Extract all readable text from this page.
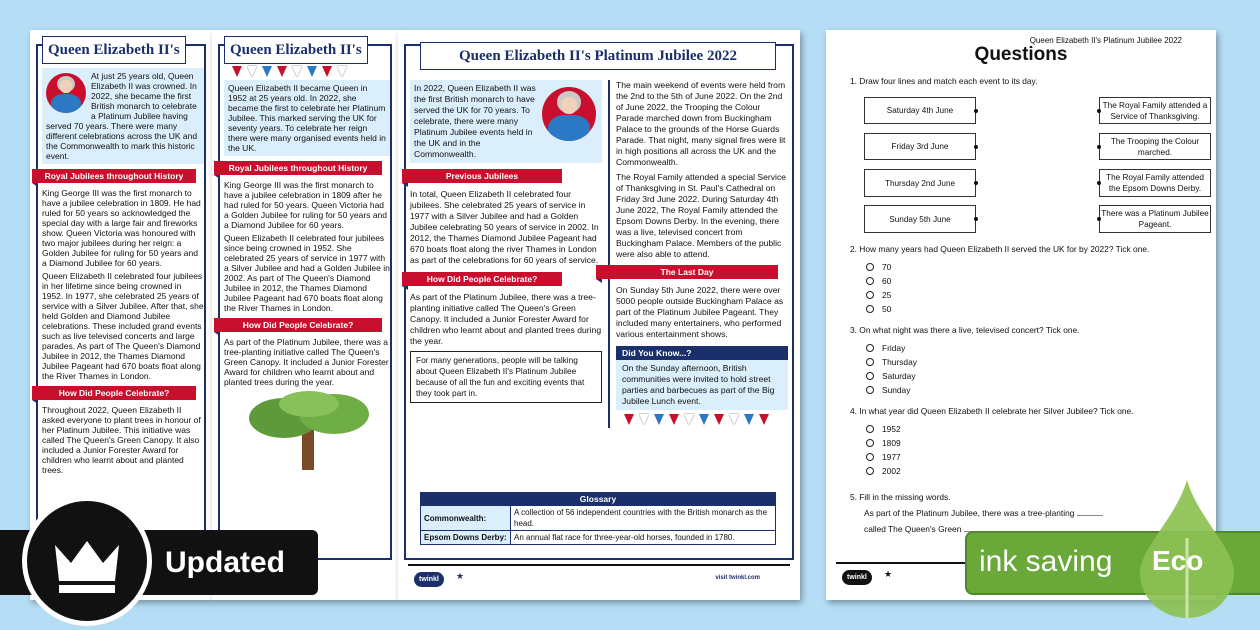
Queen Elizabeth II's
At just 25 years old, Queen Elizabeth II was crowned. In 2022, she became the first British monarch to celebrate a Platinum Jubilee having served 70 years. There were many different celebrations across the UK and the Commonwealth to mark this historic event.
Royal Jubilees throughout History

King George III was the first monarch to have a jubilee celebration in 1809. He had ruled for 50 years so acknowledged the special day with a large fair and fireworks show. Queen Victoria was honoured with two major jubilees during her reign: a Golden Jubilee for ruling for 50 years and a Diamond Jubilee for 60 years.

Queen Elizabeth II celebrated four jubilees in her lifetime since being crowned in 1952. In 1977, she celebrated 25 years of service with a Silver Jubilee. After that, she held Golden and Diamond Jubilee celebrations. These included grand events such as live televised concerts and large parades. As part of The Queen's Diamond Jubilee in 2012, the Thames Diamond Jubilee Pageant had 670 boats float along the River Thames in London.

How Did People Celebrate?

Throughout 2022, Queen Elizabeth II asked everyone to plant trees in honour of her Platinum Jubilee. This initiative was called The Queen's Green Canopy. It also included a Junior Forester Award for children who learnt about and planted trees.

Queen Elizabeth II's
Queen Elizabeth II became Queen in 1952 at 25 years old. In 2022, she became the first to celebrate her Platinum Jubilee. This marked serving the UK for seventy years. To celebrate her reign there were many organised events held in the UK.
Royal Jubilees throughout History

King George III was the first monarch to have a jubilee celebration in 1809 after he had ruled for 50 years. Queen Victoria had a Golden Jubilee for ruling for 50 years and a Diamond Jubilee for 60 years.

Queen Elizabeth II celebrated four jubilees since being crowned in 1952. She celebrated 25 years of service in 1977 with a Silver Jubilee and had a Golden Jubilee in 2002. As part of The Queen's Diamond Jubilee in 2012, the Thames Diamond Jubilee Pageant had 670 boats float along the River Thames in London.

How Did People Celebrate?

As part of the Platinum Jubilee, there was a tree-planting initiative called The Queen's Green Canopy. It included a Junior Forester Award for children who learnt about and planted trees during the year.

Queen Elizabeth II's Platinum Jubilee 2022
In 2022, Queen Elizabeth II was the first British monarch to have served the UK for 70 years. To celebrate, there were many Platinum Jubilee events held in the UK and in the Commonwealth.
Previous Jubilees

In total, Queen Elizabeth II celebrated four jubilees. She celebrated 25 years of service in 1977 with a Silver Jubilee and had a Golden Jubilee celebrating 50 years of service in 2002. In 2012, the Thames Diamond Jubilee Pageant had 670 boats float along the river Thames in London as part of the celebrations for 60 years of service.

How Did People Celebrate?

As part of the Platinum Jubilee, there was a tree-planting initiative called The Queen's Green Canopy. It included a Junior Forester Award for children who learnt about and planted trees during the year.

For many generations, people will be talking about Queen Elizabeth II's Platinum Jubilee because of all the fun and exciting events that they took part in.

The main weekend of events were held from the 2nd to the 5th of June 2022. On the 2nd of June 2022, the Trooping the Colour Parade marched down from Buckingham Palace to the grounds of the Horse Guards Parade. That night, many signal fires were lit in high positions all across the UK and the Commonwealth.

The Royal Family attended a special Service of Thanksgiving in St. Paul's Cathedral on Friday 3rd June 2022. During Saturday 4th June 2022, The Royal Family attended the Epsom Downs Derby. In the evening, there was a live, televised concert from Buckingham Palace. Members of the public were also able to attend.

The Last Day

On Sunday 5th June 2022, there were over 5000 people outside Buckingham Palace as part of the Platinum Jubilee Pageant. They included many entertainers, who performed various entertainment shows.

Did You Know...?
On the Sunday afternoon, British communities were invited to hold street parties and barbecues as part of the Big Jubilee Lunch event.
Glossary	
Commonwealth:	A collection of 56 independent countries with the British monarch as the head.
Epsom Downs Derby:	An annual flat race for three-year-old horses, founded in 1780.
twinkl	★	visit twinkl.com
Queen Elizabeth II's Platinum Jubilee 2022
Questions
1. Draw four lines and match each event to its day.
Saturday 4th June
Friday 3rd June
Thursday 2nd June
Sunday 5th June
The Royal Family attended a Service of Thanksgiving.
The Trooping the Colour marched.
The Royal Family attended the Epsom Downs Derby.
There was a Platinum Jubilee Pageant.
2. How many years had Queen Elizabeth II served the UK for by 2022? Tick one.
70
60
25
50
3. On what night was there a live, televised concert? Tick one.
Friday
Thursday
Saturday
Sunday
4. In what year did Queen Elizabeth II celebrate her Silver Jubilee? Tick one.
1952
1809
1977
2002
5. Fill in the missing words.
As part of the Platinum Jubilee, there was a tree-planting
called The Queen's Green
twinkl	★
Updated	ink saving	Eco
